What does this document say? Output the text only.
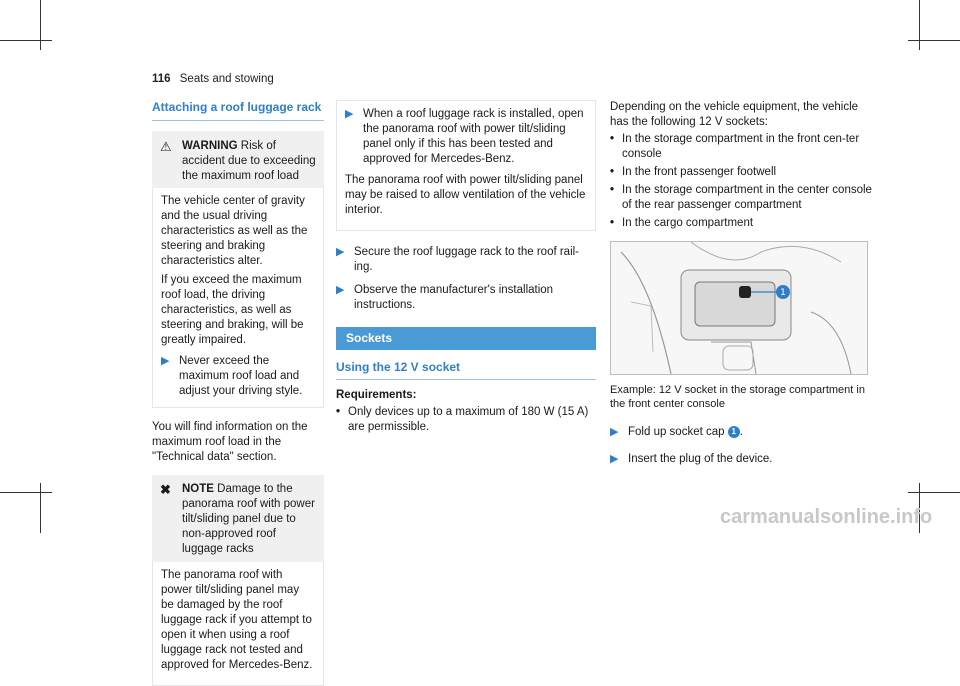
116 Seats and stowing
Attaching a roof luggage rack
⚠ WARNING Risk of accident due to exceeding the maximum roof load

The vehicle center of gravity and the usual driving characteristics as well as the steering and braking characteristics alter.

If you exceed the maximum roof load, the driving characteristics, as well as steering and braking, will be greatly impaired.

▶ Never exceed the maximum roof load and adjust your driving style.

You will find information on the maximum roof load in the "Technical data" section.

✖ NOTE Damage to the panorama roof with power tilt/sliding panel due to non-approved roof luggage racks

The panorama roof with power tilt/sliding panel may be damaged by the roof luggage rack if you attempt to open it when using a roof luggage rack not tested and approved for Mercedes-Benz.

▶ When a roof luggage rack is installed, open the panorama roof with power tilt/sliding panel only if this has been tested and approved for Mercedes-Benz.

The panorama roof with power tilt/sliding panel may be raised to allow ventilation of the vehicle interior.

▶ Secure the roof luggage rack to the roof rail-ing.
▶ Observe the manufacturer's installation instructions.
Sockets
Using the 12 V socket

Requirements:

• Only devices up to a maximum of 180 W (15 A) are permissible.

Depending on the vehicle equipment, the vehicle has the following 12 V sockets:

• In the storage compartment in the front cen-ter console
• In the front passenger footwell
• In the storage compartment in the center console of the rear passenger compartment
• In the cargo compartment
1

Example: 12 V socket in the storage compartment in the front center console

▶ Fold up socket cap 1 .
▶ Insert the plug of the device.
carmanualsonline.info
